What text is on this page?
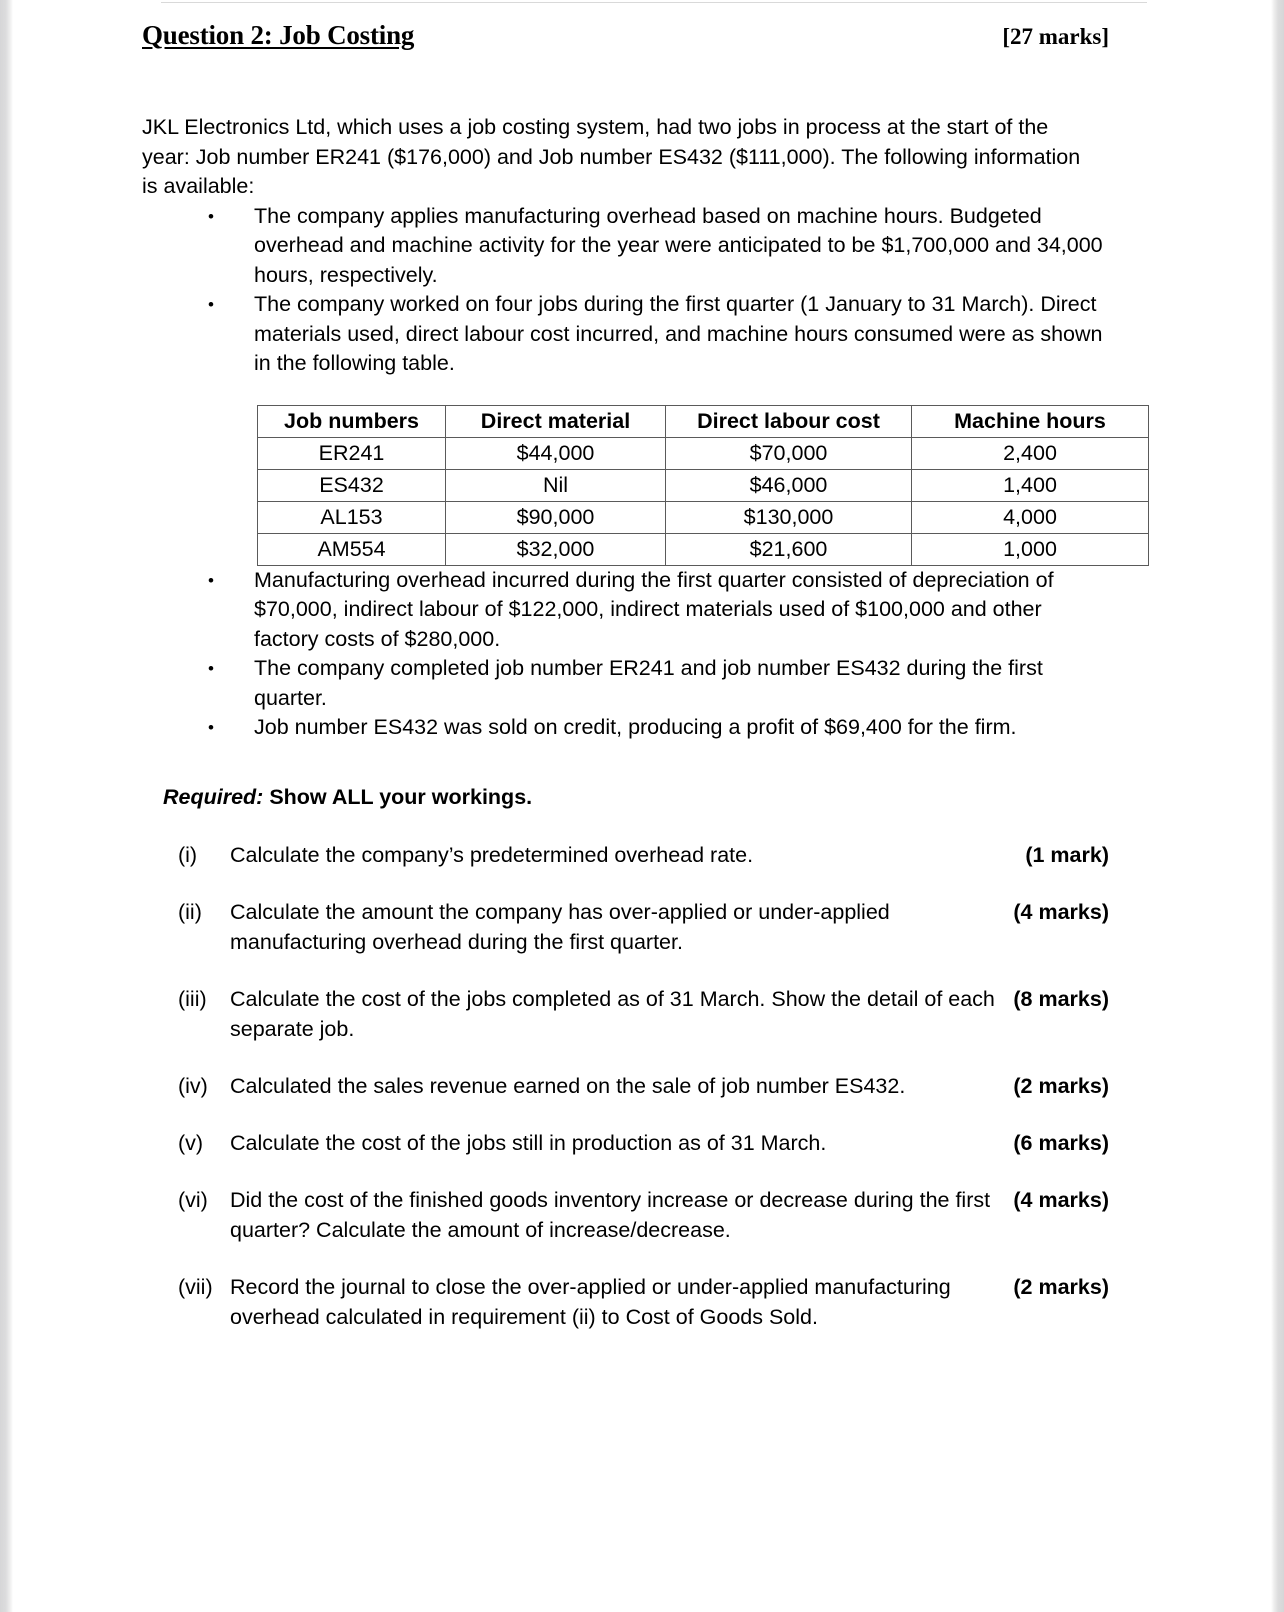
Question 2: Job Costing	[27 marks]
JKL Electronics Ltd, which uses a job costing system, had two jobs in process at the start of the year: Job number ER241 ($176,000) and Job number ES432 ($111,000). The following information is available:
• The company applies manufacturing overhead based on machine hours. Budgeted overhead and machine activity for the year were anticipated to be $1,700,000 and 34,000 hours, respectively.
• The company worked on four jobs during the first quarter (1 January to 31 March). Direct materials used, direct labour cost incurred, and machine hours consumed were as shown in the following table.
Job numbers	Direct material	Direct labour cost	Machine hours
ER241	$44,000	$70,000	2,400
ES432	Nil	$46,000	1,400
AL153	$90,000	$130,000	4,000
AM554	$32,000	$21,600	1,000
• Manufacturing overhead incurred during the first quarter consisted of depreciation of $70,000, indirect labour of $122,000, indirect materials used of $100,000 and other factory costs of $280,000.
• The company completed job number ER241 and job number ES432 during the first quarter.
• Job number ES432 was sold on credit, producing a profit of $69,400 for the firm.
Required: Show ALL your workings.
(i)	(1 mark)
Calculate the company’s predetermined overhead rate.
(ii)	(4 marks)
Calculate the amount the company has over-applied or under-applied manufacturing overhead during the first quarter.
(iii)	(8 marks)
Calculate the cost of the jobs completed as of 31 March. Show the detail of each separate job.
(iv)	(2 marks)
Calculated the sales revenue earned on the sale of job number ES432.
(v)	(6 marks)
Calculate the cost of the jobs still in production as of 31 March.
(vi)	(4 marks)
Did the cost of the finished goods inventory increase or decrease during the first quarter? Calculate the amount of increase/decrease.
(vii)	(2 marks)
Record the journal to close the over-applied or under-applied manufacturing overhead calculated in requirement (ii) to Cost of Goods Sold.
